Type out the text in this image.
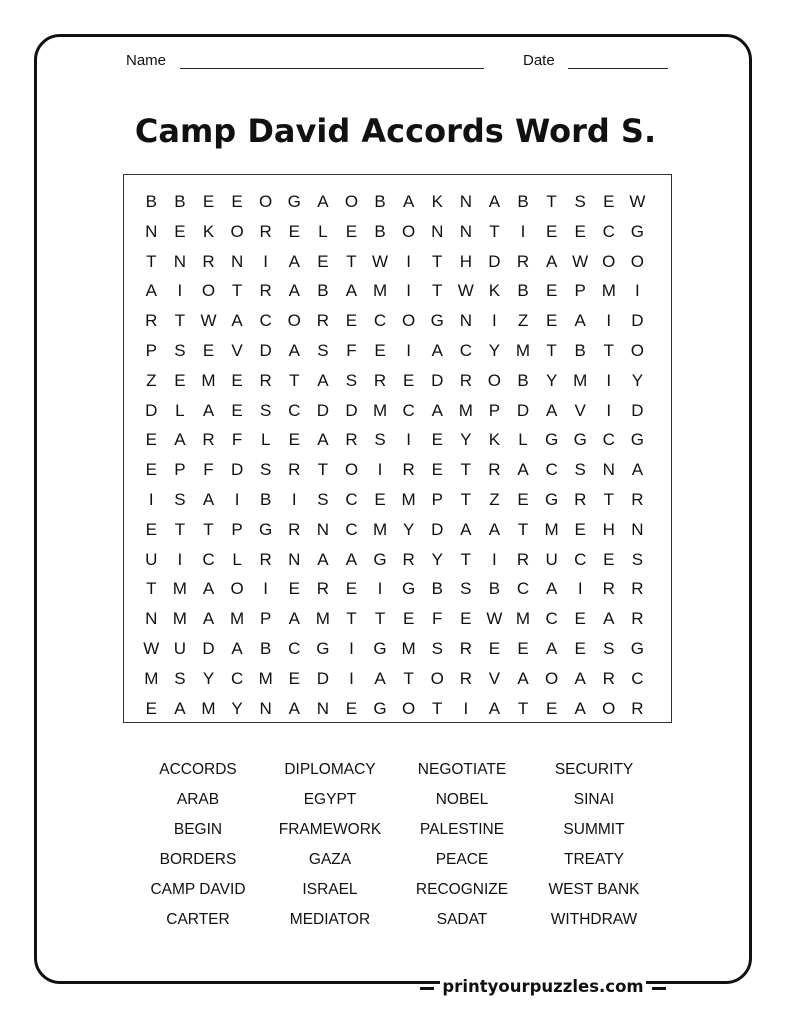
Name	Date
Camp David Accords Word S.
B	B	E	E O G A O B	A	K N A	B	T	S	E W
N E	K O R E	L	E	B O N N	T	I	E	E C G
T	N R N	I	A	E	T W	I	T	H D R A W O O
A	I	O T	R A	B	A M	I	T W K	B	E	P M	I
R	T W A C O R E C O G N	I	Z	E	A	I	D
P	S	E	V D A	S	F	E	I	A C Y M T	B	T O
Z	E M E R	T	A	S R E D R O B	Y M	I	Y
D	L	A	E	S C D D M C A M P D A	V	I	D
E	A R	F	L	E	A R S	I	E	Y	K	L	G G C G
E	P	F	D S R	T O	I	R E	T	R A C S N A
I	S	A	I	B	I	S C E M P	T	Z	E G R	T	R
E	T	T	P G R N C M Y D A	A	T M E H N
U	I	C	L	R N A	A G R Y	T	I	R U C E	S
T M A O	I	E R E	I	G B	S	B C A	I	R R
N M A M P	A M T	T	E	F	E W M C E	A R
W U D A	B C G	I	G M S R E	E	A	E	S G
M S	Y C M E D	I	A	T O R V	A O A R C
E	A M Y N A N E G O T	I	A	T	E	A O R
ACCORDS	DIPLOMACY	NEGOTIATE	SECURITY
ARAB	EGYPT	NOBEL	SINAI
BEGIN	FRAMEWORK	PALESTINE	SUMMIT
BORDERS	GAZA	PEACE	TREATY
CAMP DAVID	ISRAEL	RECOGNIZE	WEST BANK
CARTER	MEDIATOR	SADAT	WITHDRAW
printyourpuzzles.com
